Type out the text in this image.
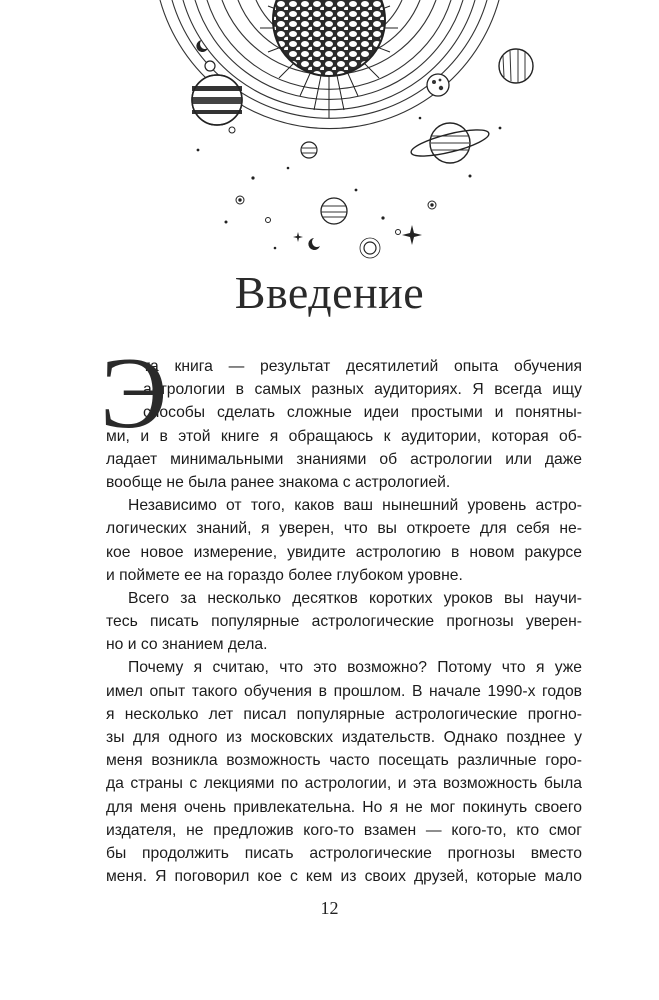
Введение
Э
та книга — результат десятилетий опыта обучения
астрологии в самых разных аудиториях. Я всегда ищу
способы сделать сложные идеи простыми и понятны-
ми, и в этой книге я обращаюсь к аудитории, которая об-
ладает минимальными знаниями об астрологии или даже
вообще не была ранее знакома с астрологией.
Независимо от того, каков ваш нынешний уровень астро-
логических знаний, я уверен, что вы откроете для себя не-
кое новое измерение, увидите астрологию в новом ракурсе
и поймете ее на гораздо более глубоком уровне.
Всего за несколько десятков коротких уроков вы научи-
тесь писать популярные астрологические прогнозы уверен-
но и со знанием дела.
Почему я считаю, что это возможно? Потому что я уже
имел опыт такого обучения в прошлом. В начале 1990-х годов
я несколько лет писал популярные астрологические прогно-
зы для одного из московских издательств. Однако позднее у
меня возникла возможность часто посещать различные горо-
да страны с лекциями по астрологии, и эта возможность была
для меня очень привлекательна. Но я не мог покинуть своего
издателя, не предложив кого-то взамен — кого-то, кто смог
бы продолжить писать астрологические прогнозы вместо
меня. Я поговорил кое с кем из своих друзей, которые мало
12
